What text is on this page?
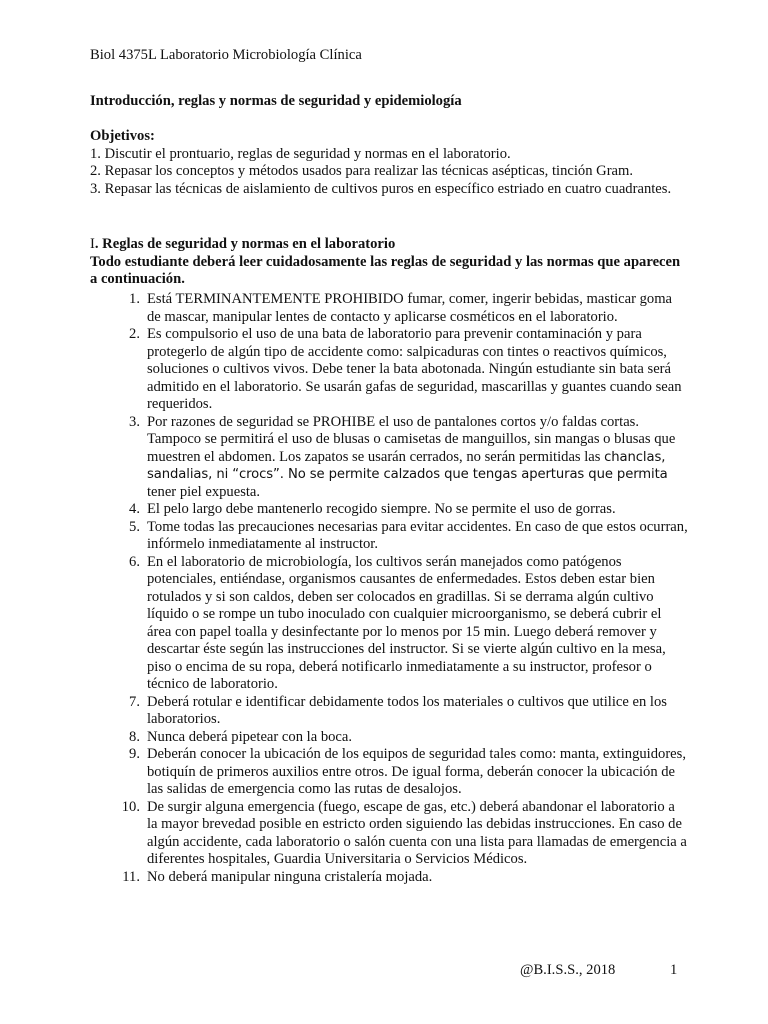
Biol 4375L Laboratorio Microbiología Clínica
Introducción, reglas y normas de seguridad y epidemiología
Objetivos:
1. Discutir el prontuario, reglas de seguridad y normas en el laboratorio.
2. Repasar los conceptos y métodos usados para realizar las técnicas asépticas, tinción Gram.
3. Repasar las técnicas de aislamiento de cultivos puros en específico estriado en cuatro cuadrantes.
I. Reglas de seguridad y normas en el laboratorio
Todo estudiante deberá leer cuidadosamente las reglas de seguridad y las normas que aparecen a continuación.
1. Está TERMINANTEMENTE PROHIBIDO fumar, comer, ingerir bebidas, masticar goma de mascar, manipular lentes de contacto y aplicarse cosméticos en el laboratorio.
2. Es compulsorio el uso de una bata de laboratorio para prevenir contaminación y para protegerlo de algún tipo de accidente como: salpicaduras con tintes o reactivos químicos, soluciones o cultivos vivos. Debe tener la bata abotonada. Ningún estudiante sin bata será admitido en el laboratorio. Se usarán gafas de seguridad, mascarillas y guantes cuando sean requeridos.
3. Por razones de seguridad se PROHIBE el uso de pantalones cortos y/o faldas cortas. Tampoco se permitirá el uso de blusas o camisetas de manguillos, sin mangas o blusas que muestren el abdomen. Los zapatos se usarán cerrados, no serán permitidas las chanclas, sandalias, ni “crocs”. No se permite calzados que tengas aperturas que permita tener piel expuesta.
4. El pelo largo debe mantenerlo recogido siempre. No se permite el uso de gorras.
5. Tome todas las precauciones necesarias para evitar accidentes. En caso de que estos ocurran, infórmelo inmediatamente al instructor.
6. En el laboratorio de microbiología, los cultivos serán manejados como patógenos potenciales, entiéndase, organismos causantes de enfermedades. Estos deben estar bien rotulados y si son caldos, deben ser colocados en gradillas. Si se derrama algún cultivo líquido o se rompe un tubo inoculado con cualquier microorganismo, se deberá cubrir el área con papel toalla y desinfectante por lo menos por 15 min. Luego deberá remover y descartar éste según las instrucciones del instructor. Si se vierte algún cultivo en la mesa, piso o encima de su ropa, deberá notificarlo inmediatamente a su instructor, profesor o técnico de laboratorio.
7. Deberá rotular e identificar debidamente todos los materiales o cultivos que utilice en los laboratorios.
8. Nunca deberá pipetear con la boca.
9. Deberán conocer la ubicación de los equipos de seguridad tales como: manta, extinguidores, botiquín de primeros auxilios entre otros. De igual forma, deberán conocer la ubicación de las salidas de emergencia como las rutas de desalojos.
10. De surgir alguna emergencia (fuego, escape de gas, etc.) deberá abandonar el laboratorio a la mayor brevedad posible en estricto orden siguiendo las debidas instrucciones. En caso de algún accidente, cada laboratorio o salón cuenta con una lista para llamadas de emergencia a diferentes hospitales, Guardia Universitaria o Servicios Médicos.
11. No deberá manipular ninguna cristalería mojada.
@B.I.S.S., 2018	1
